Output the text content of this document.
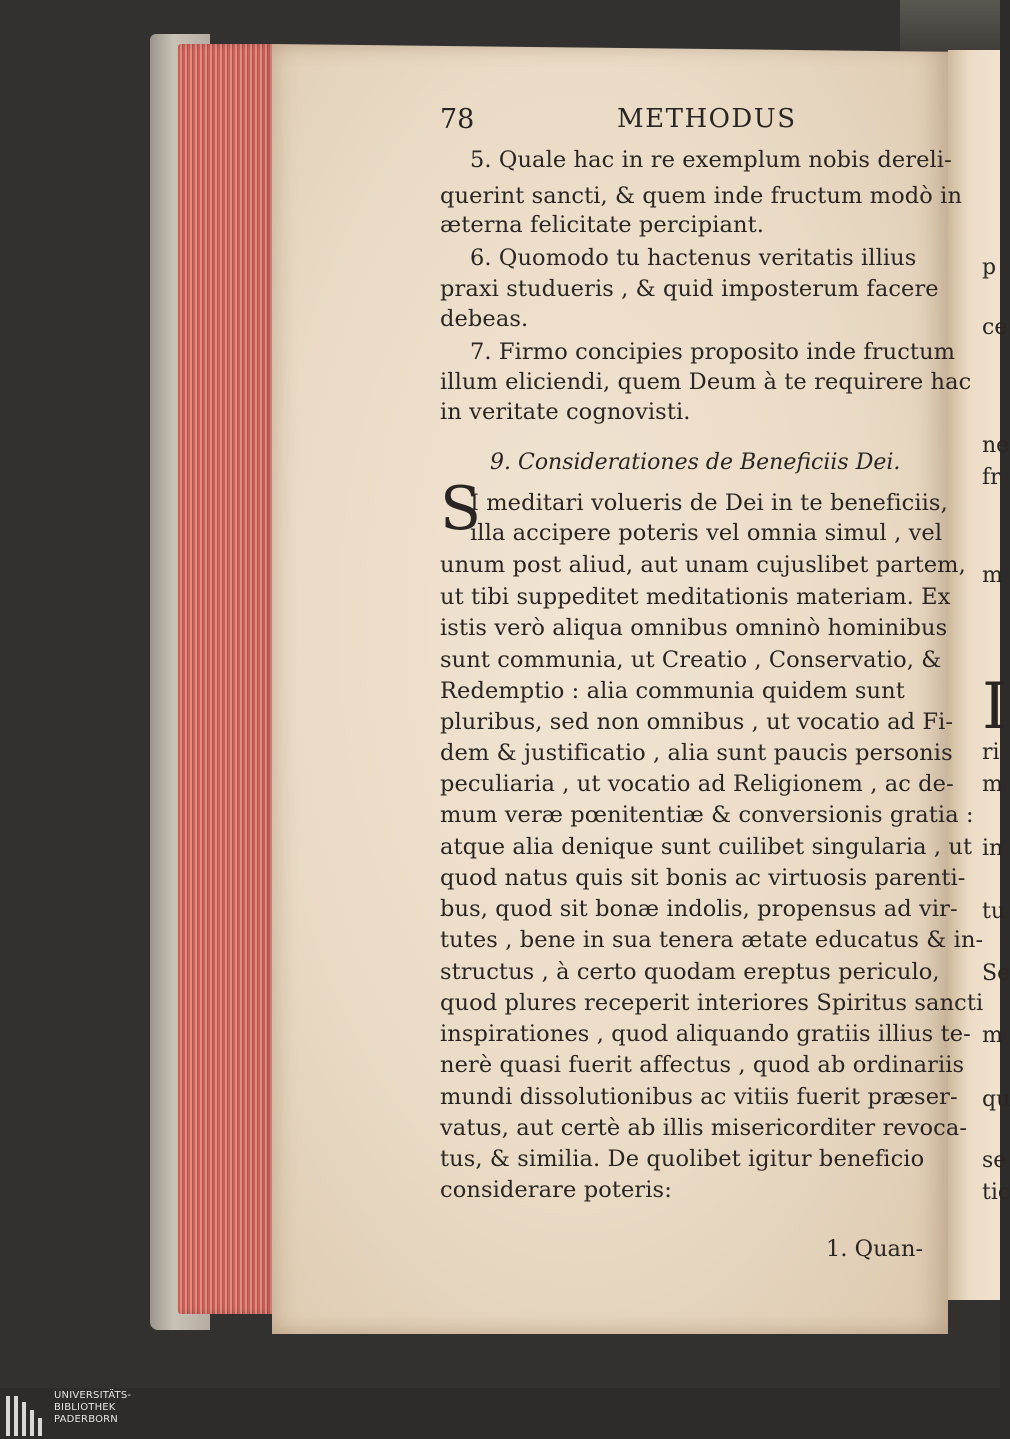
78	METHODUS

5. Quale hac in re exemplum nobis dereli-

querint sancti, & quem inde fructum modò in

æterna felicitate percipiant.

6. Quomodo tu hactenus veritatis illius

praxi studueris , & quid imposterum facere

debeas.

7. Firmo concipies proposito inde fructum

illum eliciendi, quem Deum à te requirere hac

in veritate cognovisti.

9. Considerationes de Beneficiis Dei.
S

I meditari volueris de Dei in te beneficiis,

illa accipere poteris vel omnia simul , vel

unum post aliud, aut unam cujuslibet partem,

ut tibi suppeditet meditationis materiam. Ex

istis verò aliqua omnibus omninò hominibus

sunt communia, ut Creatio , Conservatio, &

Redemptio : alia communia quidem sunt

pluribus, sed non omnibus , ut vocatio ad Fi-

dem & justificatio , alia sunt paucis personis

peculiaria , ut vocatio ad Religionem , ac de-

mum veræ pœnitentiæ & conversionis gratia :

atque alia denique sunt cuilibet singularia , ut

quod natus quis sit bonis ac virtuosis parenti-

bus, quod sit bonæ indolis, propensus ad vir-

tutes , bene in sua tenera ætate educatus & in-

structus , à certo quodam ereptus periculo,

quod plures receperit interiores Spiritus sancti

inspirationes , quod aliquando gratiis illius te-

nerè quasi fuerit affectus , quod ab ordinariis

mundi dissolutionibus ac vitiis fuerit præser-

vatus, aut certè ab illis misericorditer revoca-

tus, & similia. De quolibet igitur beneficio

considerare poteris:

1. Quan-
p
ce
ne
fr
m
I
ri
m
in
tu
Se
m
qu
se
tic
UNIVERSITÄTS-
BIBLIOTHEK
PADERBORN
